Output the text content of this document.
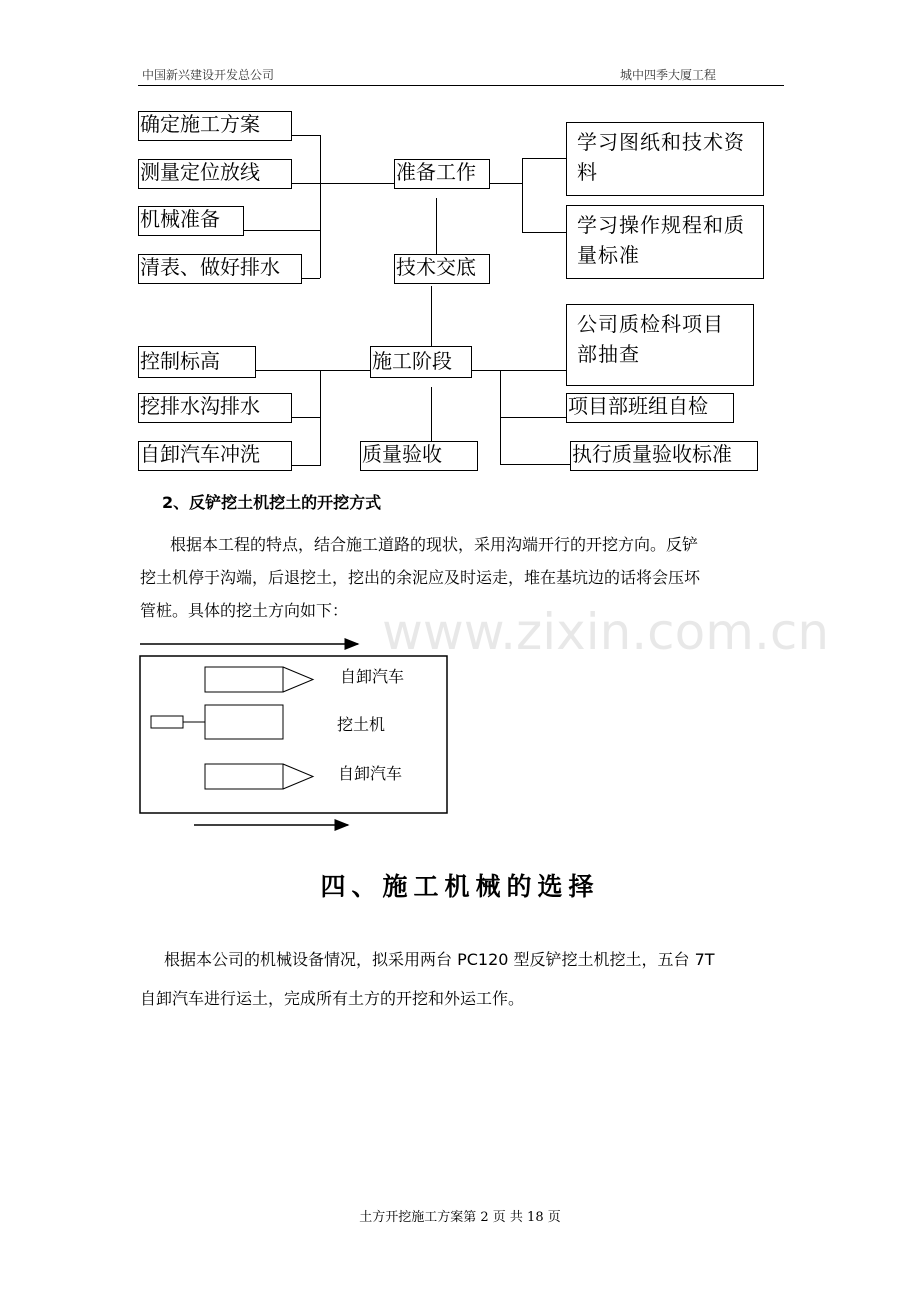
中国新兴建设开发总公司	城中四季大厦工程
www.zixin.com.cn
确定施工方案
测量定位放线
机械准备
清表、做好排水
准备工作
技术交底
学习图纸和技术资料
学习操作规程和质量标准
施工阶段
控制标高
挖排水沟排水
自卸汽车冲洗	质量验收
公司质检科项目部抽查
项目部班组自检
执行质量验收标准
2、反铲挖土机挖土的开挖方式
根据本工程的特点，结合施工道路的现状，采用沟端开行的开挖方向。反铲
挖土机停于沟端，后退挖土，挖出的余泥应及时运走，堆在基坑边的话将会压坏
管桩。具体的挖土方向如下：
自卸汽车
挖土机
自卸汽车
四、施工机械的选择
根据本公司的机械设备情况，拟采用两台 PC120 型反铲挖土机挖土，五台 7T
自卸汽车进行运土，完成所有土方的开挖和外运工作。
土方开挖施工方案第 2 页 共 18 页
